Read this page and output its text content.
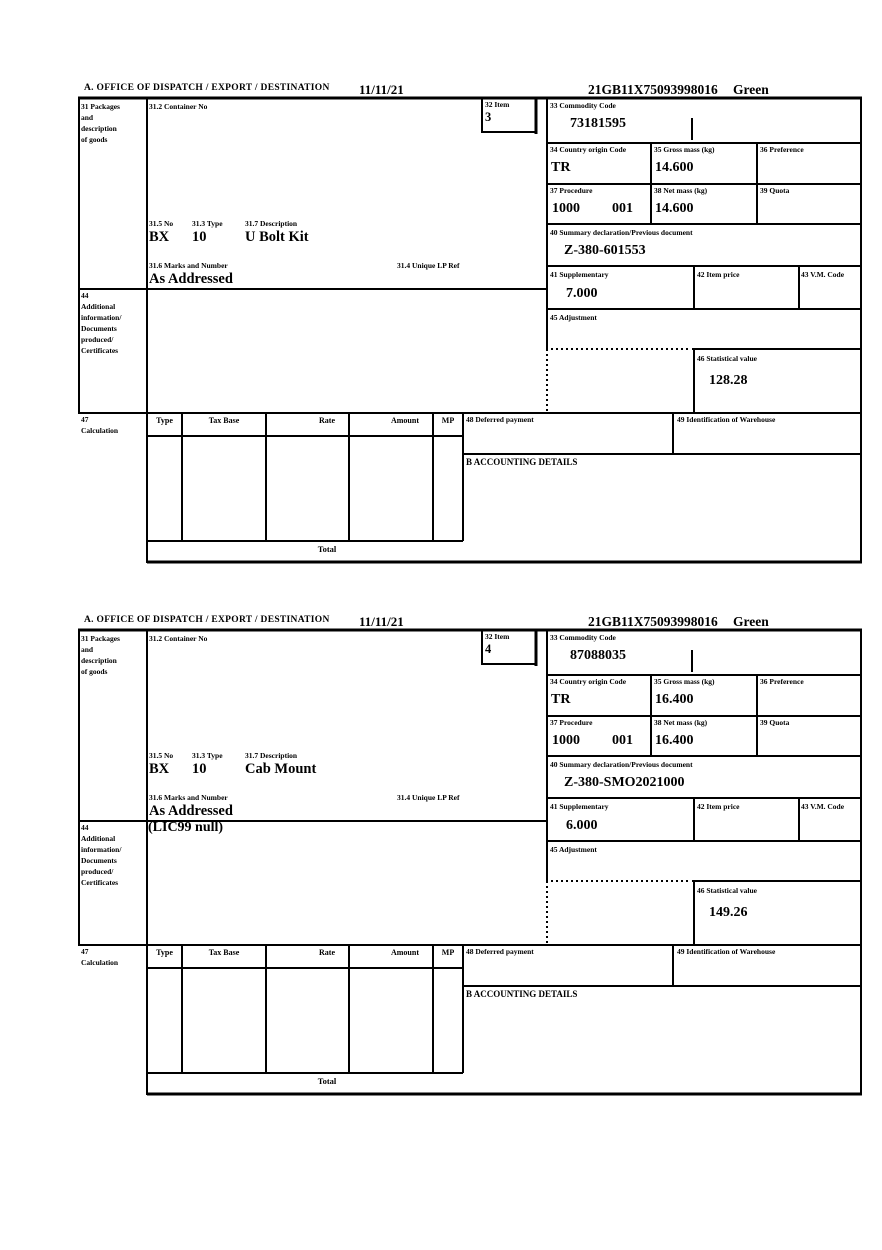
A. OFFICE OF DISPATCH / EXPORT / DESTINATION 11/11/21	21GB11X75093998016 Green
31 Packages
and
description
of goods
31.2 Container No	32 Item
3
33 Commodity Code
73181595
34 Country origin Code
TR
35 Gross mass (kg)
14.600
36 Preference
37 Procedure
1000 001
38 Net mass (kg)
14.600
39 Quota
31.5 No	31.3 Type	31.7 Description
BX 10	U Bolt Kit
31.6 Marks and Number	31.4 Unique LP Ref
As Addressed
40 Summary declaration/Previous document
Z-380-601553
41 Supplementary
7.000
42 Item price	43 V.M. Code
45 Adjustment
46 Statistical value
128.28
44
Additional
information/
Documents
produced/
Certificates
47
Calculation
Type	Tax Base	Rate	Amount	MP
Total
48 Deferred payment	49 Identification of Warehouse
B ACCOUNTING DETAILS
A. OFFICE OF DISPATCH / EXPORT / DESTINATION 11/11/21	21GB11X75093998016 Green
31 Packages
and
description
of goods
31.2 Container No	32 Item
4
33 Commodity Code
87088035
34 Country origin Code
TR
35 Gross mass (kg)
16.400
36 Preference
37 Procedure
1000 001
38 Net mass (kg)
16.400
39 Quota
31.5 No	31.3 Type	31.7 Description
BX 10	Cab Mount
31.6 Marks and Number	31.4 Unique LP Ref
As Addressed
40 Summary declaration/Previous document
Z-380-SMO2021000
41 Supplementary
6.000
42 Item price	43 V.M. Code
45 Adjustment
46 Statistical value
149.26
44
Additional
information/
Documents
produced/
Certificates
(LIC99 null)
47
Calculation
Type	Tax Base	Rate	Amount	MP
Total
48 Deferred payment	49 Identification of Warehouse
B ACCOUNTING DETAILS
